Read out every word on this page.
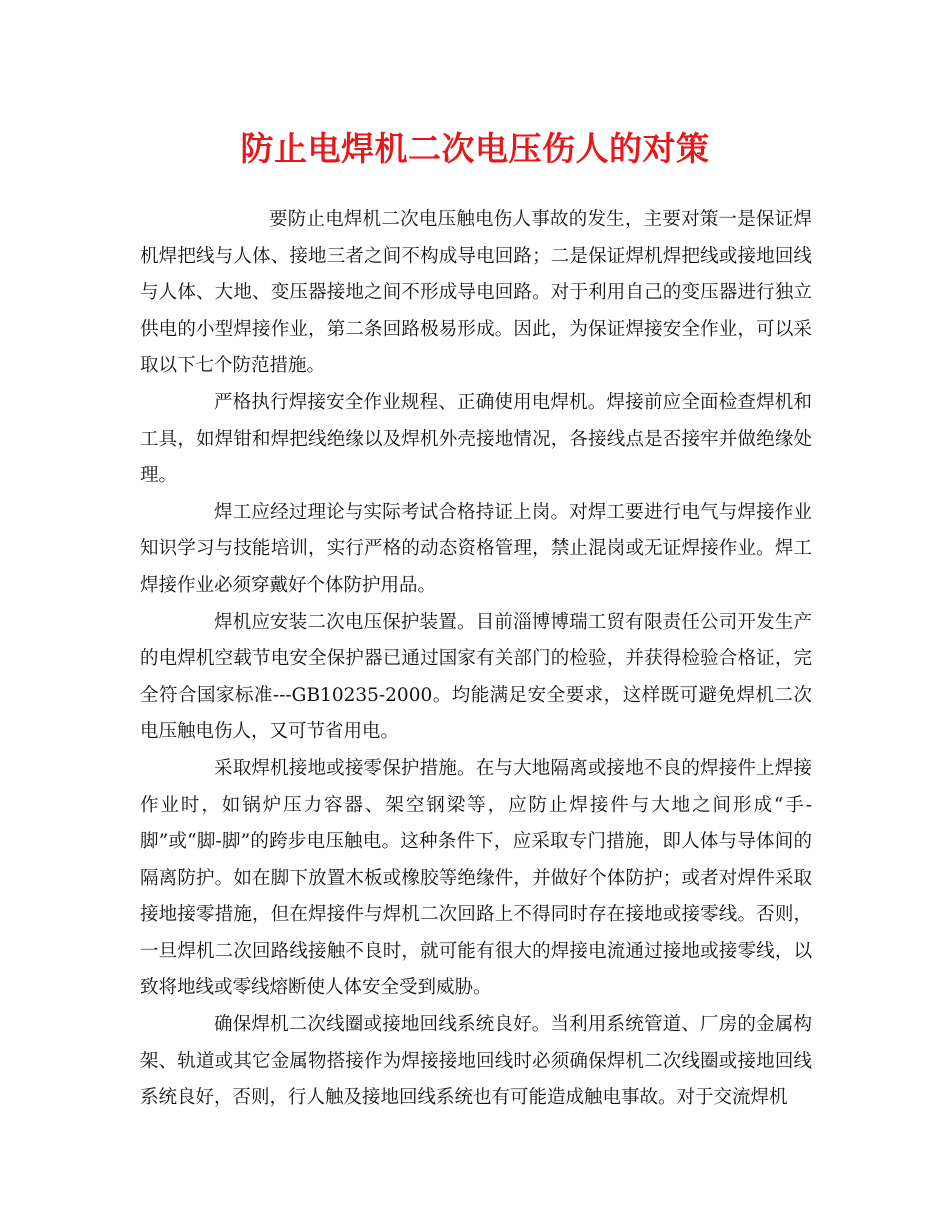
防止电焊机二次电压伤人的对策

要防止电焊机二次电压触电伤人事故的发生，主要对策一是保证焊机焊把线与人体、接地三者之间不构成导电回路；二是保证焊机焊把线或接地回线与人体、大地、变压器接地之间不形成导电回路。对于利用自己的变压器进行独立供电的小型焊接作业，第二条回路极易形成。因此，为保证焊接安全作业，可以采取以下七个防范措施。

严格执行焊接安全作业规程、正确使用电焊机。焊接前应全面检查焊机和工具，如焊钳和焊把线绝缘以及焊机外壳接地情况，各接线点是否接牢并做绝缘处理。

焊工应经过理论与实际考试合格持证上岗。对焊工要进行电气与焊接作业知识学习与技能培训，实行严格的动态资格管理，禁止混岗或无证焊接作业。焊工焊接作业必须穿戴好个体防护用品。

焊机应安装二次电压保护装置。目前淄博博瑞工贸有限责任公司开发生产的电焊机空载节电安全保护器已通过国家有关部门的检验，并获得检验合格证，完全符合国家标准---GB10235-2000。均能满足安全要求，这样既可避免焊机二次电压触电伤人，又可节省用电。

采取焊机接地或接零保护措施。在与大地隔离或接地不良的焊接件上焊接作业时，如锅炉压力容器、架空钢梁等，应防止焊接件与大地之间形成“手-脚”或“脚-脚”的跨步电压触电。这种条件下，应采取专门措施，即人体与导体间的隔离防护。如在脚下放置木板或橡胶等绝缘件，并做好个体防护；或者对焊件采取接地接零措施，但在焊接件与焊机二次回路上不得同时存在接地或接零线。否则，一旦焊机二次回路线接触不良时，就可能有很大的焊接电流通过接地或接零线，以致将地线或零线熔断使人体安全受到威胁。

确保焊机二次线圈或接地回线系统良好。当利用系统管道、厂房的金属构架、轨道或其它金属物搭接作为焊接接地回线时必须确保焊机二次线圈或接地回线系统良好，否则，行人触及接地回线系统也有可能造成触电事故。对于交流焊机
